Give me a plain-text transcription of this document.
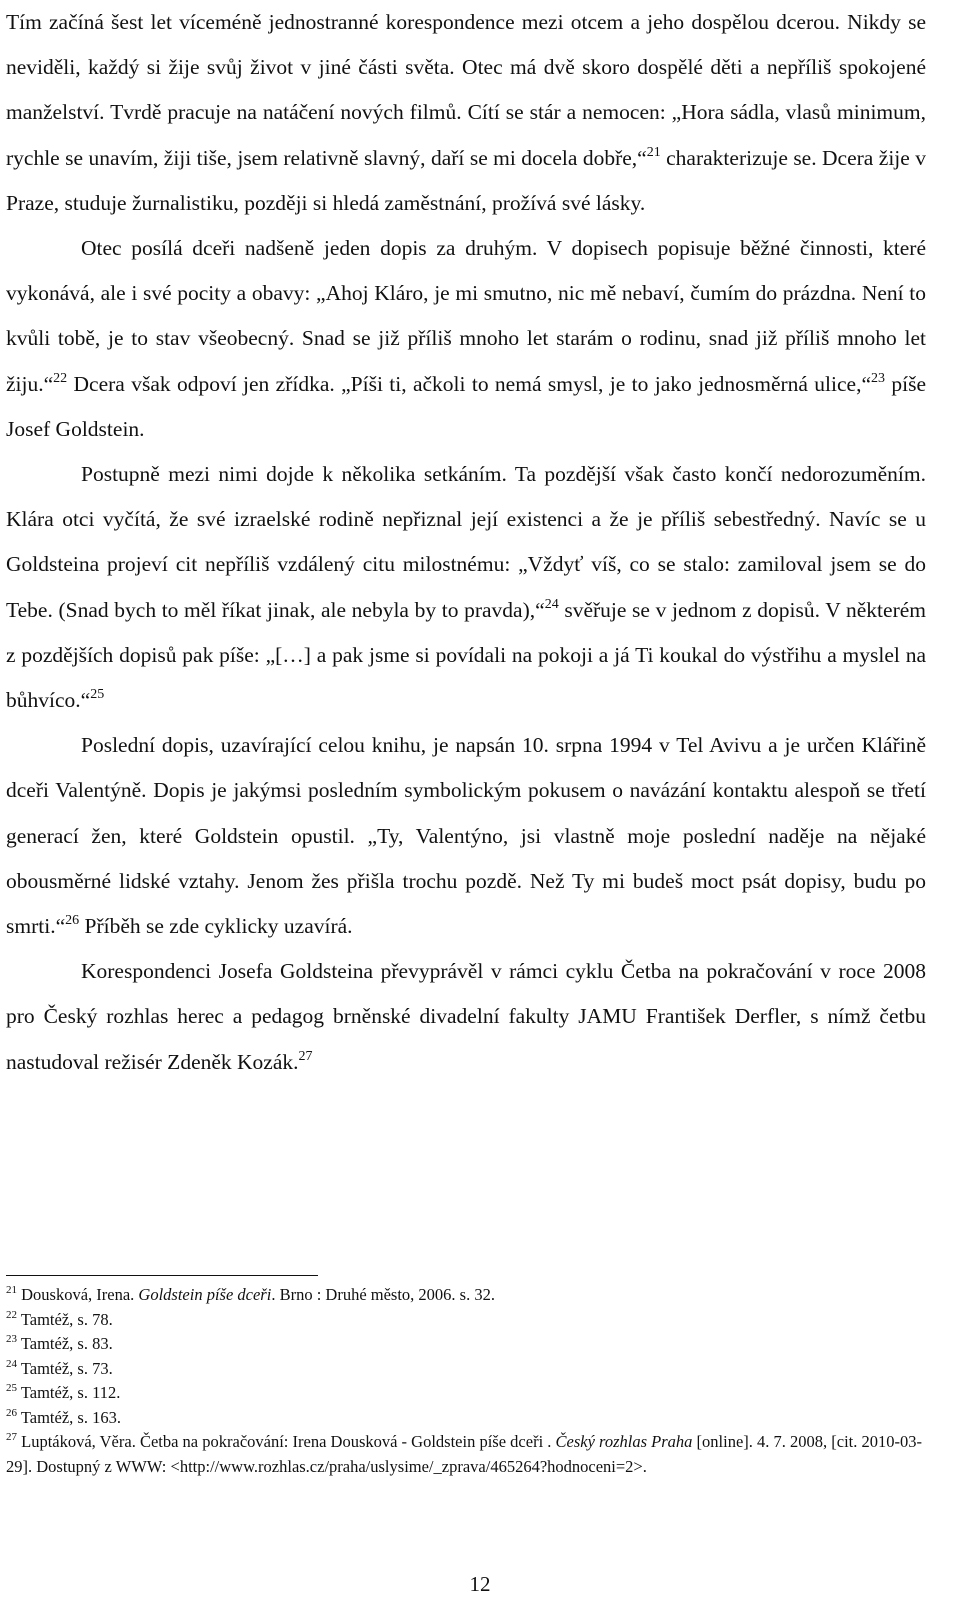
Tím začíná šest let víceméně jednostranné korespondence mezi otcem a jeho dospělou dcerou. Nikdy se neviděli, každý si žije svůj život v jiné části světa. Otec má dvě skoro dospělé děti a nepříliš spokojené manželství. Tvrdě pracuje na natáčení nových filmů. Cítí se stár a nemocen: „Hora sádla, vlasů minimum, rychle se unavím, žiji tiše, jsem relativně slavný, daří se mi docela dobře,“$^{21}$ charakterizuje se. Dcera žije v Praze, studuje žurnalistiku, později si hledá zaměstnání, prožívá své lásky.

Otec posílá dceři nadšeně jeden dopis za druhým. V dopisech popisuje běžné činnosti, které vykonává, ale i své pocity a obavy: „Ahoj Kláro, je mi smutno, nic mě nebaví, čumím do prázdna. Není to kvůli tobě, je to stav všeobecný. Snad se již příliš mnoho let starám o rodinu, snad již příliš mnoho let žiju.“$^{22}$ Dcera však odpoví jen zřídka. „Píši ti, ačkoli to nemá smysl, je to jako jednosměrná ulice,“$^{23}$ píše Josef Goldstein.

Postupně mezi nimi dojde k několika setkáním. Ta pozdější však často končí nedorozuměním. Klára otci vyčítá, že své izraelské rodině nepřiznal její existenci a že je příliš sebestředný. Navíc se u Goldsteina projeví cit nepříliš vzdálený citu milostnému: „Vždyť víš, co se stalo: zamiloval jsem se do Tebe. (Snad bych to měl říkat jinak, ale nebyla by to pravda),“$^{24}$ svěřuje se v jednom z dopisů. V některém z pozdějších dopisů pak píše: „[…] a pak jsme si povídali na pokoji a já Ti koukal do výstřihu a myslel na bůhvíco.“$^{25}$

Poslední dopis, uzavírající celou knihu, je napsán 10. srpna 1994 v Tel Avivu a je určen Klářině dceři Valentýně. Dopis je jakýmsi posledním symbolickým pokusem o navázání kontaktu alespoň se třetí generací žen, které Goldstein opustil. „Ty, Valentýno, jsi vlastně moje poslední naděje na nějaké obousměrné lidské vztahy. Jenom žes přišla trochu pozdě. Než Ty mi budeš moct psát dopisy, budu po smrti.“$^{26}$ Příběh se zde cyklicky uzavírá.

Korespondenci Josefa Goldsteina převyprávěl v rámci cyklu Četba na pokračování v roce 2008 pro Český rozhlas herec a pedagog brněnské divadelní fakulty JAMU František Derfler, s nímž četbu nastudoval režisér Zdeněk Kozák.$^{27}$

$^{21}$ Dousková, Irena. Goldstein píše dceři. Brno : Druhé město, 2006. s. 32.
$^{22}$ Tamtéž, s. 78.
$^{23}$ Tamtéž, s. 83.
$^{24}$ Tamtéž, s. 73.
$^{25}$ Tamtéž, s. 112.
$^{26}$ Tamtéž, s. 163.
$^{27}$ Luptáková, Věra. Četba na pokračování: Irena Dousková - Goldstein píše dceři . Český rozhlas Praha [online]. 4. 7. 2008, [cit. 2010-03-29]. Dostupný z WWW: <http://www.rozhlas.cz/praha/uslysime/_zprava/465264?hodnoceni=2>.
12
